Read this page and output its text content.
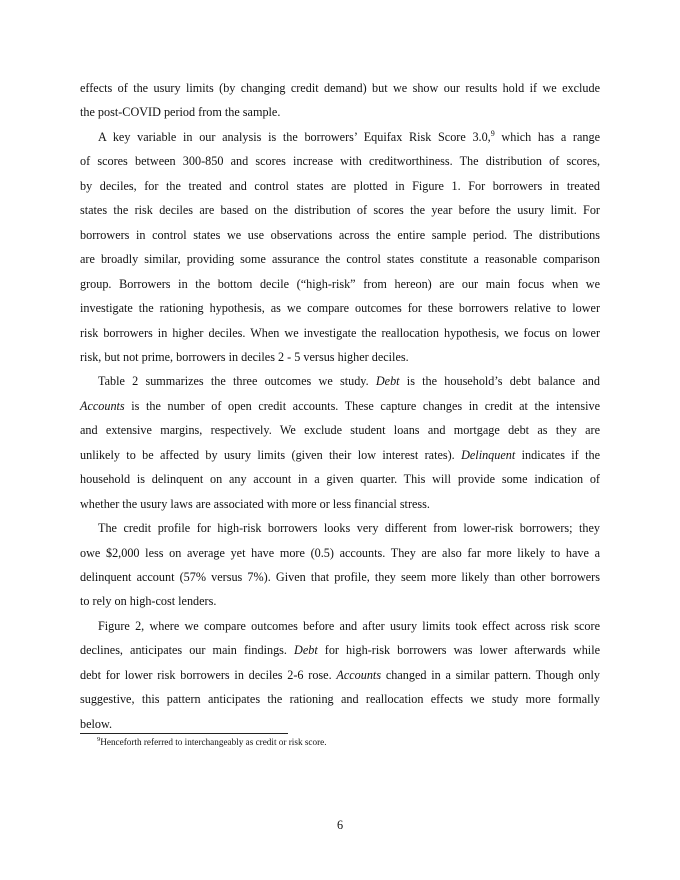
effects of the usury limits (by changing credit demand) but we show our results hold if we exclude
the post-COVID period from the sample.
A key variable in our analysis is the borrowers’ Equifax Risk Score 3.0,$^9$ which has a range
of scores between 300-850 and scores increase with creditworthiness. The distribution of scores,
by deciles, for the treated and control states are plotted in Figure 1. For borrowers in treated
states the risk deciles are based on the distribution of scores the year before the usury limit. For
borrowers in control states we use observations across the entire sample period. The distributions
are broadly similar, providing some assurance the control states constitute a reasonable comparison
group. Borrowers in the bottom decile (“high-risk” from hereon) are our main focus when we
investigate the rationing hypothesis, as we compare outcomes for these borrowers relative to lower
risk borrowers in higher deciles. When we investigate the reallocation hypothesis, we focus on lower
risk, but not prime, borrowers in deciles 2 - 5 versus higher deciles.
Table 2 summarizes the three outcomes we study. Debt is the household’s debt balance and
Accounts is the number of open credit accounts. These capture changes in credit at the intensive
and extensive margins, respectively. We exclude student loans and mortgage debt as they are
unlikely to be affected by usury limits (given their low interest rates). Delinquent indicates if the
household is delinquent on any account in a given quarter. This will provide some indication of
whether the usury laws are associated with more or less financial stress.
The credit profile for high-risk borrowers looks very different from lower-risk borrowers; they
owe $2,000 less on average yet have more (0.5) accounts. They are also far more likely to have a
delinquent account (57% versus 7%). Given that profile, they seem more likely than other borrowers
to rely on high-cost lenders.
Figure 2, where we compare outcomes before and after usury limits took effect across risk score
declines, anticipates our main findings. Debt for high-risk borrowers was lower afterwards while
debt for lower risk borrowers in deciles 2-6 rose. Accounts changed in a similar pattern. Though only
suggestive, this pattern anticipates the rationing and reallocation effects we study more formally
below.
$^9$Henceforth referred to interchangeably as credit or risk score.
6
